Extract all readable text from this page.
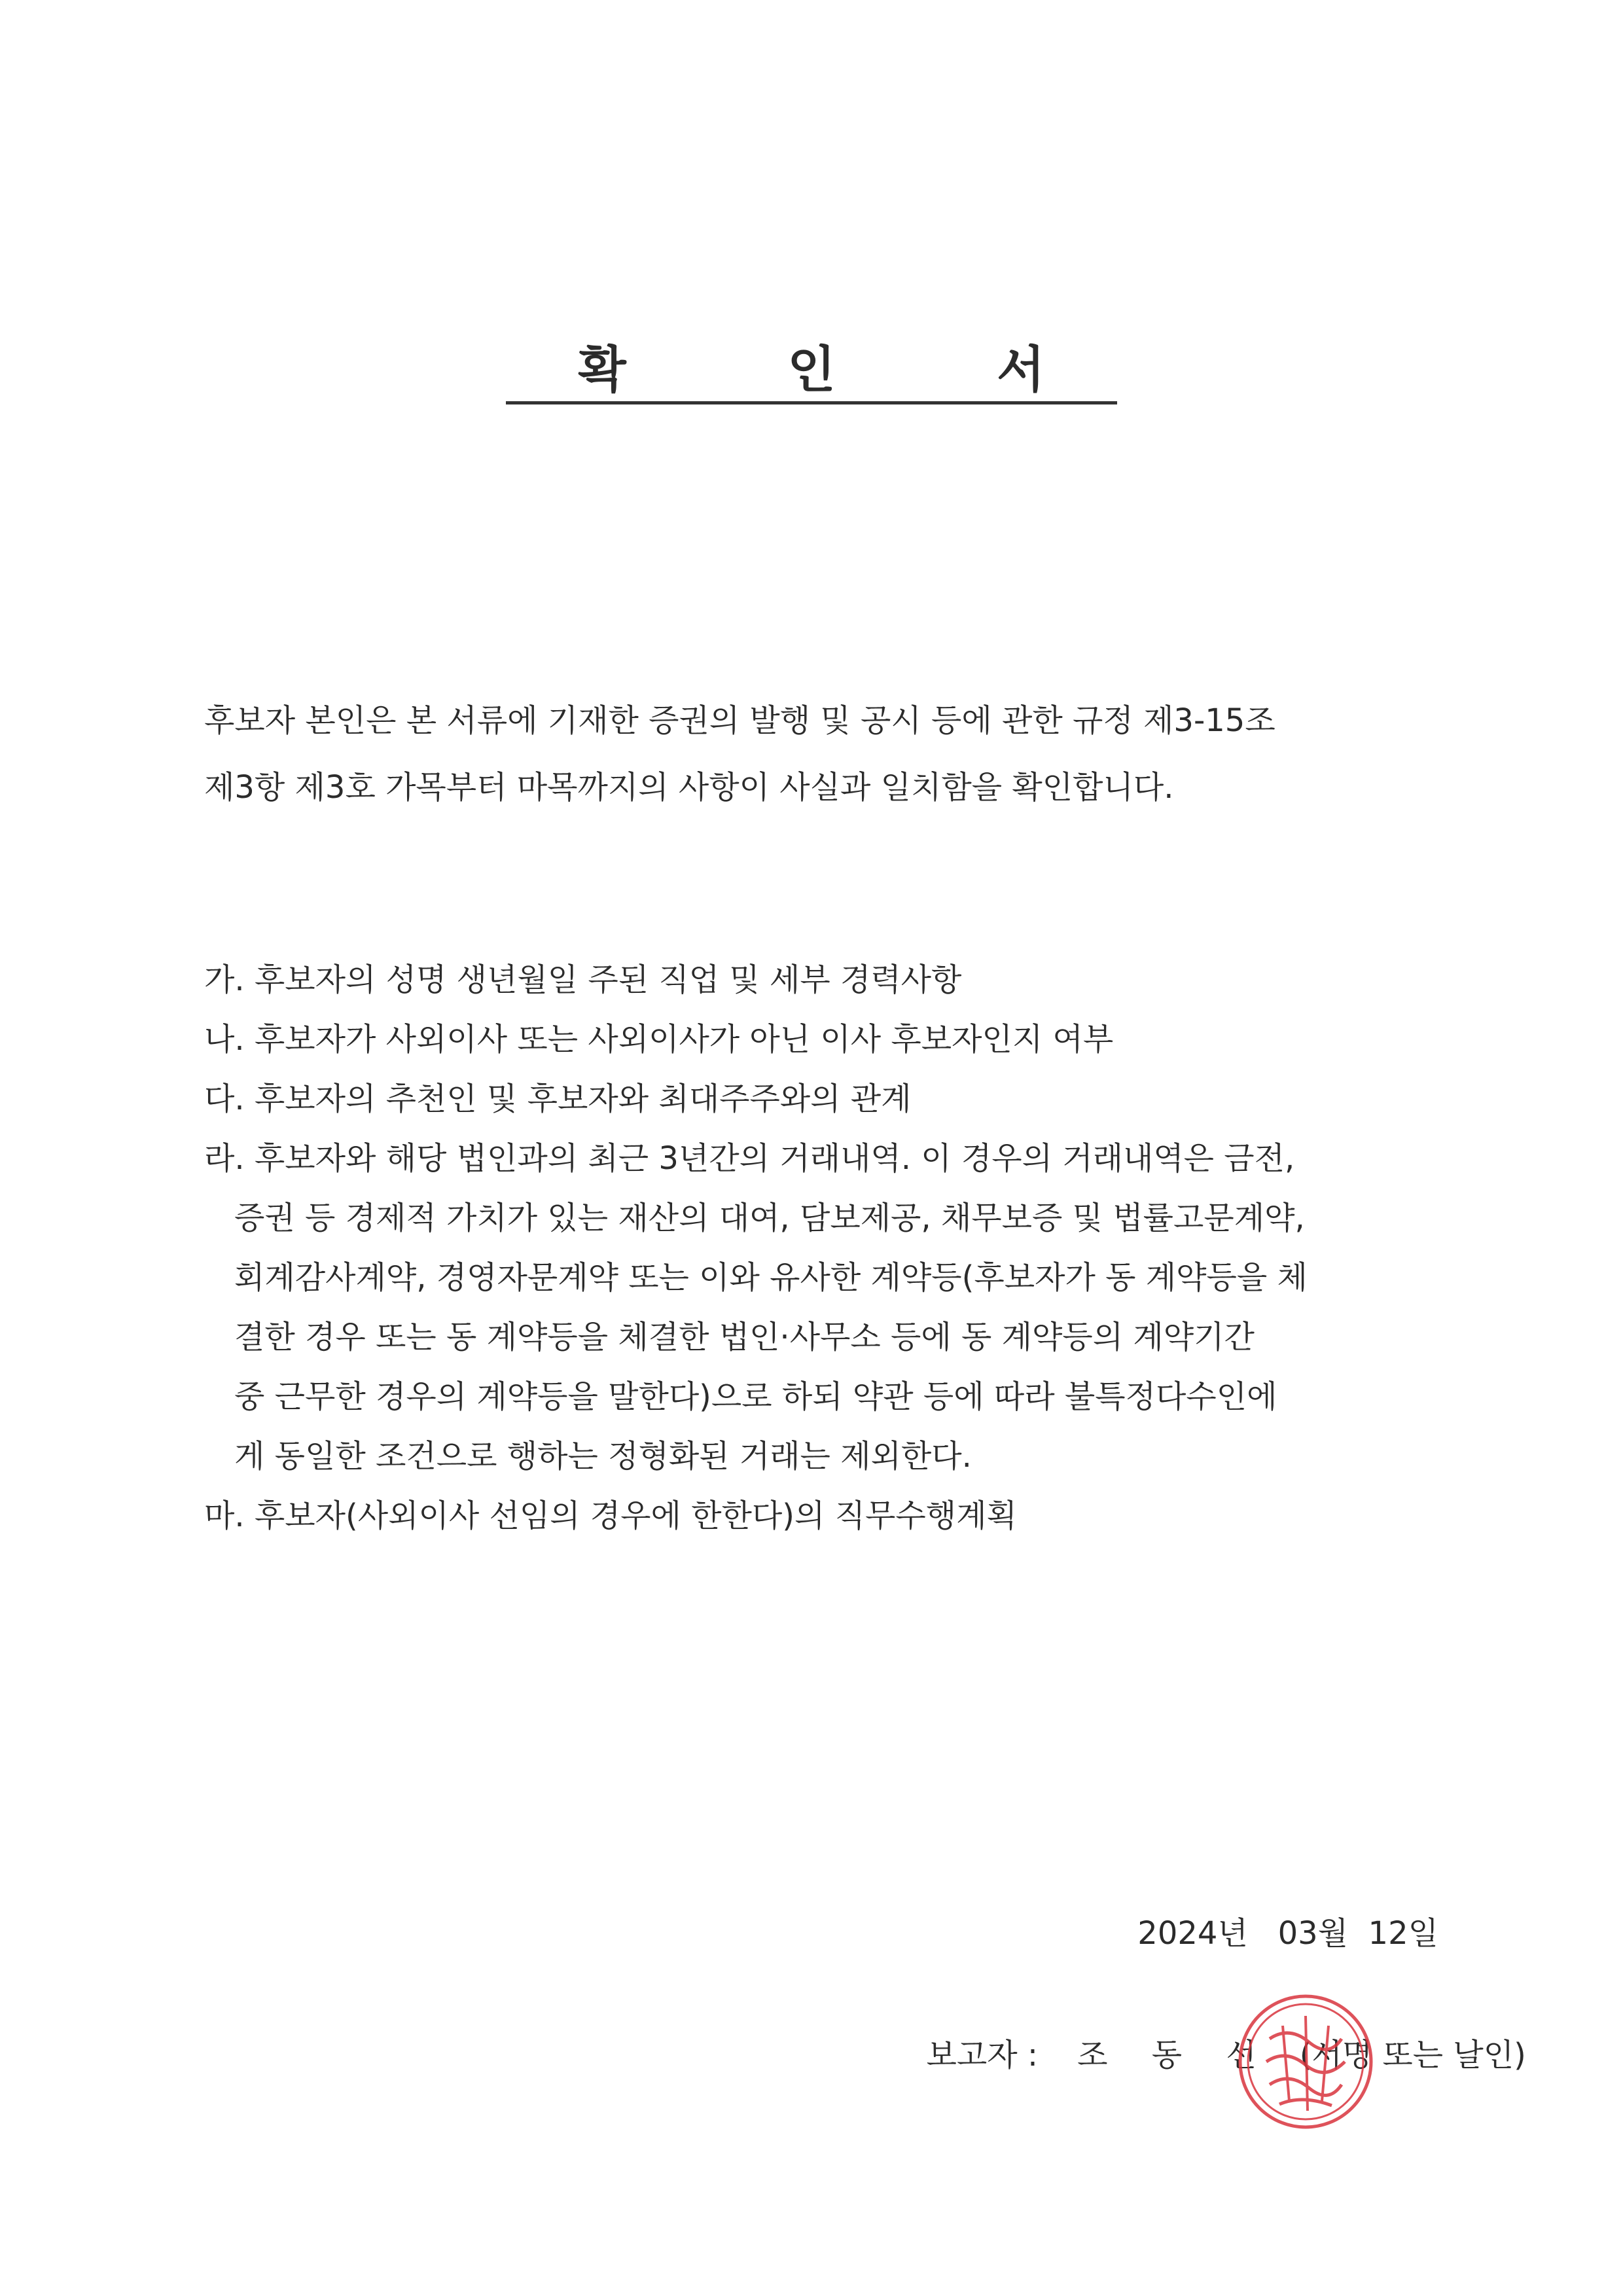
확 인 서

후보자 본인은 본 서류에 기재한 증권의 발행 및 공시 등에 관한 규정 제3-15조

제3항 제3호 가목부터 마목까지의 사항이 사실과 일치함을 확인합니다.

가. 후보자의 성명 생년월일 주된 직업 및 세부 경력사항

나. 후보자가 사외이사 또는 사외이사가 아닌 이사 후보자인지 여부

다. 후보자의 추천인 및 후보자와 최대주주와의 관계

라. 후보자와 해당 법인과의 최근 3년간의 거래내역. 이 경우의 거래내역은 금전,

증권 등 경제적 가치가 있는 재산의 대여, 담보제공, 채무보증 및 법률고문계약,

회계감사계약, 경영자문계약 또는 이와 유사한 계약등(후보자가 동 계약등을 체

결한 경우 또는 동 계약등을 체결한 법인·사무소 등에 동 계약등의 계약기간

중 근무한 경우의 계약등을 말한다)으로 하되 약관 등에 따라 불특정다수인에

게 동일한 조건으로 행하는 정형화된 거래는 제외한다.

마. 후보자(사외이사 선임의 경우에 한한다)의 직무수행계획

2024년   03월  12일

보고자 : 조 동 선 (서명 또는 날인)
